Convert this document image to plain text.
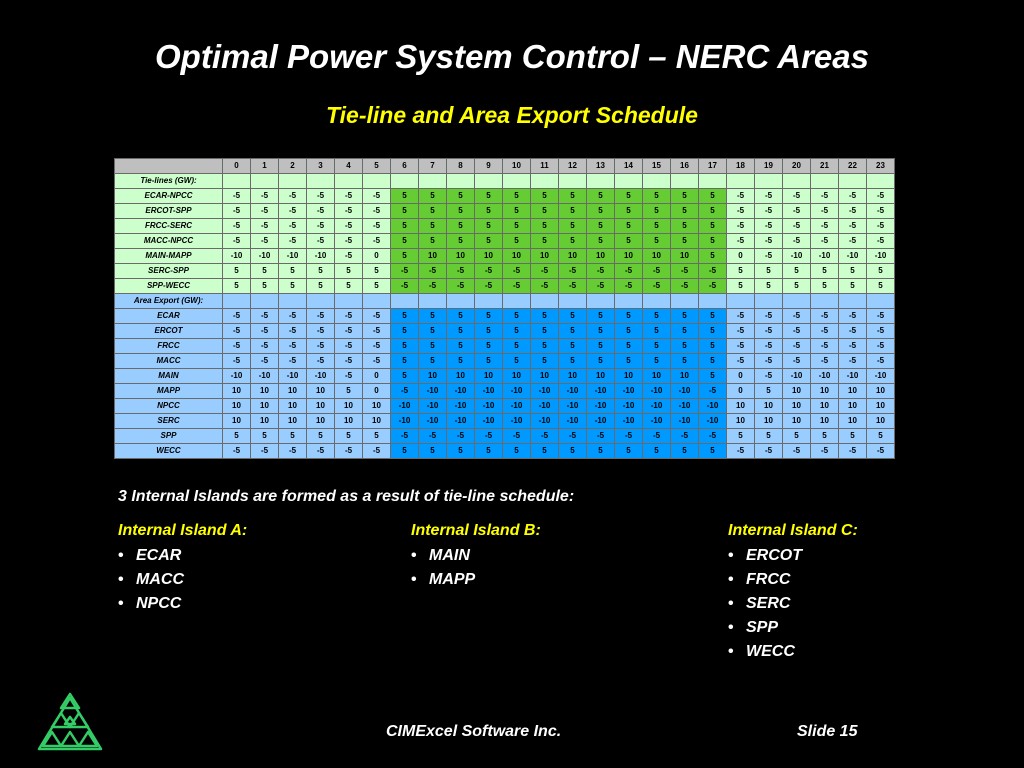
Optimal Power System Control – NERC Areas
Tie-line and Area Export Schedule
	0	1	2	3	4	5	6	7	8	9	10	11	12	13	14	15	16	17	18	19	20	21	22	23
Tie-lines (GW):																								
ECAR-NPCC	-5	-5	-5	-5	-5	-5	5	5	5	5	5	5	5	5	5	5	5	5	-5	-5	-5	-5	-5	-5
ERCOT-SPP	-5	-5	-5	-5	-5	-5	5	5	5	5	5	5	5	5	5	5	5	5	-5	-5	-5	-5	-5	-5
FRCC-SERC	-5	-5	-5	-5	-5	-5	5	5	5	5	5	5	5	5	5	5	5	5	-5	-5	-5	-5	-5	-5
MACC-NPCC	-5	-5	-5	-5	-5	-5	5	5	5	5	5	5	5	5	5	5	5	5	-5	-5	-5	-5	-5	-5
MAIN-MAPP	-10	-10	-10	-10	-5	0	5	10	10	10	10	10	10	10	10	10	10	5	0	-5	-10	-10	-10	-10
SERC-SPP	5	5	5	5	5	5	-5	-5	-5	-5	-5	-5	-5	-5	-5	-5	-5	-5	5	5	5	5	5	5
SPP-WECC	5	5	5	5	5	5	-5	-5	-5	-5	-5	-5	-5	-5	-5	-5	-5	-5	5	5	5	5	5	5
Area Export (GW):																								
ECAR	-5	-5	-5	-5	-5	-5	5	5	5	5	5	5	5	5	5	5	5	5	-5	-5	-5	-5	-5	-5
ERCOT	-5	-5	-5	-5	-5	-5	5	5	5	5	5	5	5	5	5	5	5	5	-5	-5	-5	-5	-5	-5
FRCC	-5	-5	-5	-5	-5	-5	5	5	5	5	5	5	5	5	5	5	5	5	-5	-5	-5	-5	-5	-5
MACC	-5	-5	-5	-5	-5	-5	5	5	5	5	5	5	5	5	5	5	5	5	-5	-5	-5	-5	-5	-5
MAIN	-10	-10	-10	-10	-5	0	5	10	10	10	10	10	10	10	10	10	10	5	0	-5	-10	-10	-10	-10
MAPP	10	10	10	10	5	0	-5	-10	-10	-10	-10	-10	-10	-10	-10	-10	-10	-5	0	5	10	10	10	10
NPCC	10	10	10	10	10	10	-10	-10	-10	-10	-10	-10	-10	-10	-10	-10	-10	-10	10	10	10	10	10	10
SERC	10	10	10	10	10	10	-10	-10	-10	-10	-10	-10	-10	-10	-10	-10	-10	-10	10	10	10	10	10	10
SPP	5	5	5	5	5	5	-5	-5	-5	-5	-5	-5	-5	-5	-5	-5	-5	-5	5	5	5	5	5	5
WECC	-5	-5	-5	-5	-5	-5	5	5	5	5	5	5	5	5	5	5	5	5	-5	-5	-5	-5	-5	-5
3 Internal Islands are formed as a result of tie-line schedule:
Internal Island A:
• ECAR
• MACC
• NPCC
Internal Island B:
• MAIN
• MAPP
Internal Island C:
• ERCOT
• FRCC
• SERC
• SPP
• WECC
CIMExcel Software Inc.	Slide 15
